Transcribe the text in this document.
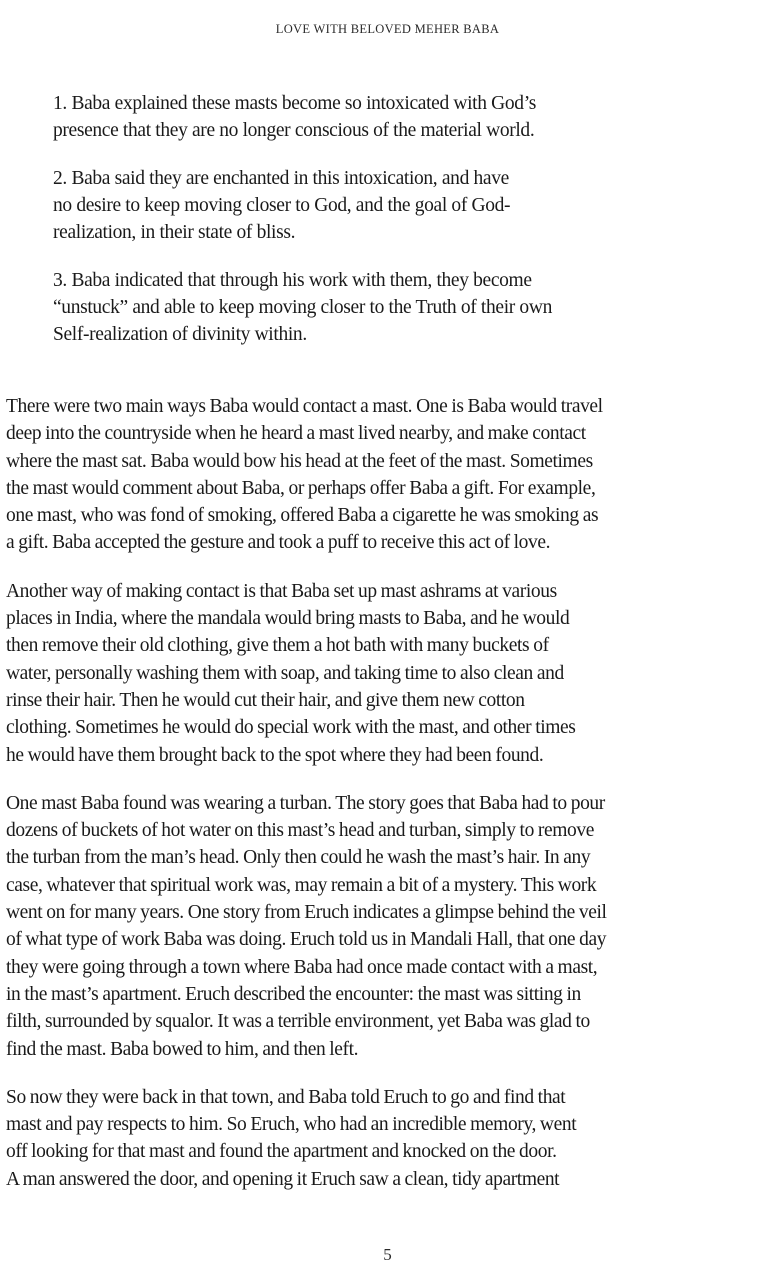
LOVE WITH BELOVED MEHER BABA

1. Baba explained these masts become so intoxicated with God’s
presence that they are no longer conscious of the material world.

2. Baba said they are enchanted in this intoxication, and have
no desire to keep moving closer to God, and the goal of God-
realization, in their state of bliss.

3. Baba indicated that through his work with them, they become
“unstuck” and able to keep moving closer to the Truth of their own
Self-realization of divinity within.

There were two main ways Baba would contact a mast. One is Baba would travel
deep into the countryside when he heard a mast lived nearby, and make contact
where the mast sat. Baba would bow his head at the feet of the mast. Sometimes
the mast would comment about Baba, or perhaps offer Baba a gift. For example,
one mast, who was fond of smoking, offered Baba a cigarette he was smoking as
a gift. Baba accepted the gesture and took a puff to receive this act of love.

Another way of making contact is that Baba set up mast ashrams at various
places in India, where the mandala would bring masts to Baba, and he would
then remove their old clothing, give them a hot bath with many buckets of
water, personally washing them with soap, and taking time to also clean and
rinse their hair. Then he would cut their hair, and give them new cotton
clothing. Sometimes he would do special work with the mast, and other times
he would have them brought back to the spot where they had been found.

One mast Baba found was wearing a turban. The story goes that Baba had to pour
dozens of buckets of hot water on this mast’s head and turban, simply to remove
the turban from the man’s head. Only then could he wash the mast’s hair. In any
case, whatever that spiritual work was, may remain a bit of a mystery. This work
went on for many years. One story from Eruch indicates a glimpse behind the veil
of what type of work Baba was doing. Eruch told us in Mandali Hall, that one day
they were going through a town where Baba had once made contact with a mast,
in the mast’s apartment. Eruch described the encounter: the mast was sitting in
filth, surrounded by squalor. It was a terrible environment, yet Baba was glad to
find the mast. Baba bowed to him, and then left.

So now they were back in that town, and Baba told Eruch to go and find that
mast and pay respects to him. So Eruch, who had an incredible memory, went
off looking for that mast and found the apartment and knocked on the door.
A man answered the door, and opening it Eruch saw a clean, tidy apartment

5
